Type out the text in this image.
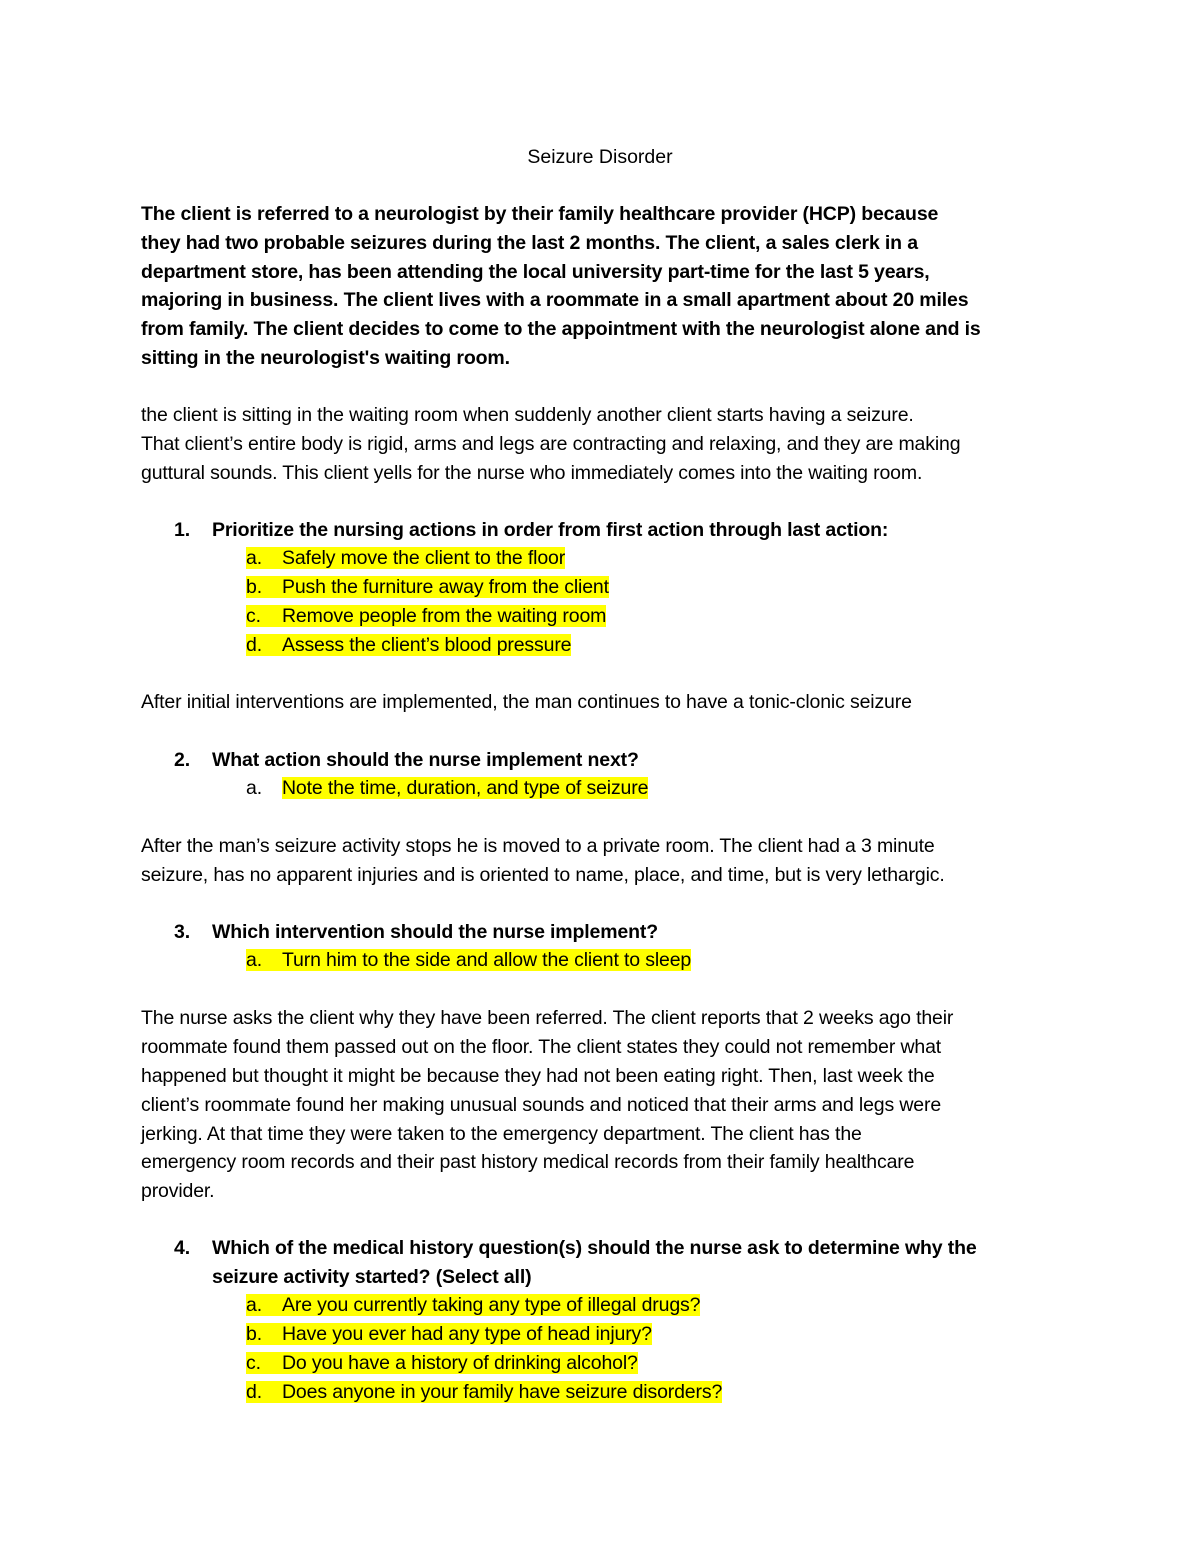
Seizure Disorder
The client is referred to a neurologist by their family healthcare provider (HCP) because
they had two probable seizures during the last 2 months. The client, a sales clerk in a
department store, has been attending the local university part-time for the last 5 years,
majoring in business. The client lives with a roommate in a small apartment about 20 miles
from family. The client decides to come to the appointment with the neurologist alone and is
sitting in the neurologist's waiting room.
the client is sitting in the waiting room when suddenly another client starts having a seizure.
That client’s entire body is rigid, arms and legs are contracting and relaxing, and they are making
guttural sounds. This client yells for the nurse who immediately comes into the waiting room.
1. Prioritize the nursing actions in order from first action through last action:
a. Safely move the client to the floor
b. Push the furniture away from the client
c. Remove people from the waiting room
d. Assess the client’s blood pressure
After initial interventions are implemented, the man continues to have a tonic-clonic seizure
2. What action should the nurse implement next?
a. Note the time, duration, and type of seizure
After the man’s seizure activity stops he is moved to a private room. The client had a 3 minute
seizure, has no apparent injuries and is oriented to name, place, and time, but is very lethargic.
3. Which intervention should the nurse implement?
a. Turn him to the side and allow the client to sleep
The nurse asks the client why they have been referred. The client reports that 2 weeks ago their
roommate found them passed out on the floor. The client states they could not remember what
happened but thought it might be because they had not been eating right. Then, last week the
client’s roommate found her making unusual sounds and noticed that their arms and legs were
jerking. At that time they were taken to the emergency department. The client has the
emergency room records and their past history medical records from their family healthcare
provider.
4. Which of the medical history question(s) should the nurse ask to determine why the
seizure activity started? (Select all)
a. Are you currently taking any type of illegal drugs?
b. Have you ever had any type of head injury?
c. Do you have a history of drinking alcohol?
d. Does anyone in your family have seizure disorders?
